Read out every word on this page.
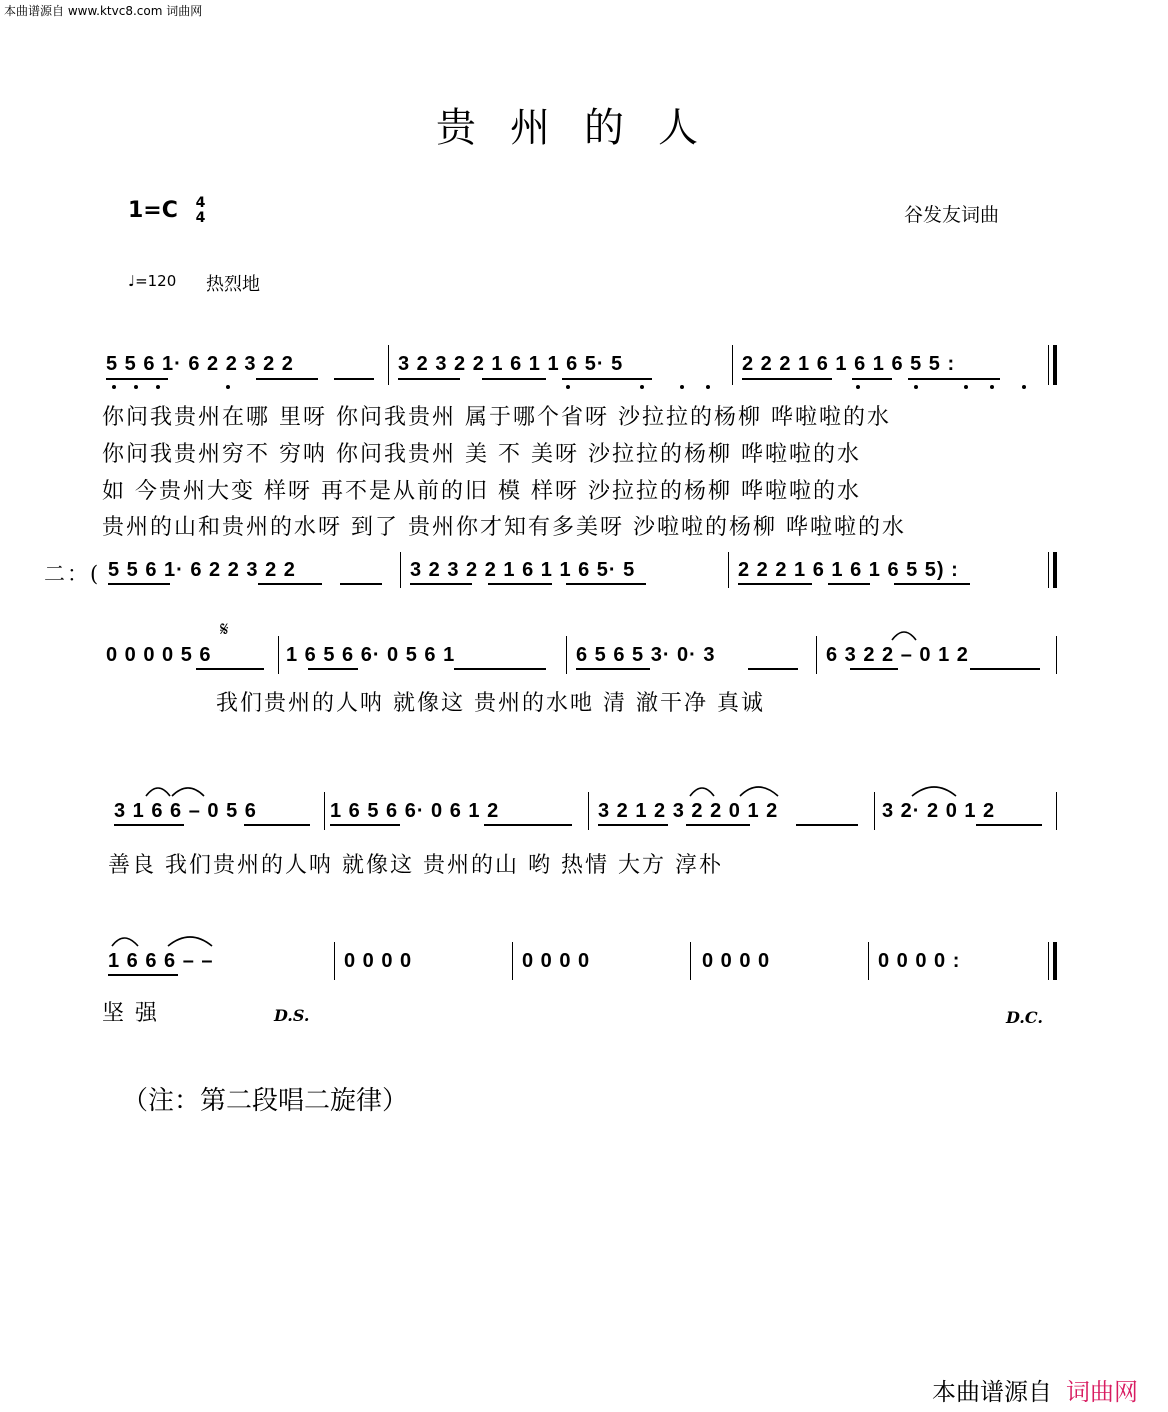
本曲谱源自 www.ktvc8.com 词曲网
贵州的人
1=C 4
4	谷发友词曲
♩=120 热烈地
5 5 6 1· 6 2 2 3 2 2	3 2 3 2 2 1 6 1 1 6 5· 5	2 2 2 1 6 1 6 1 6 5 5 :
你问我贵州在哪 里呀 你问我贵州 属于哪个省呀 沙拉拉的杨柳 哗啦啦的水
你问我贵州穷不 穷呐 你问我贵州 美 不 美呀 沙拉拉的杨柳 哗啦啦的水
如 今贵州大变 样呀 再不是从前的旧 模 样呀 沙拉拉的杨柳 哗啦啦的水
贵州的山和贵州的水呀 到了 贵州你才知有多美呀 沙啦啦的杨柳 哗啦啦的水
二：( 5 5 6 1· 6 2 2 3 2 2	3 2 3 2 2 1 6 1 1 6 5· 5	2 2 2 1 6 1 6 1 6 5 5) :
𝄋
0 0 0 0 5 6	1 6 5 6 6· 0 5 6 1	6 5 6 5 3· 0· 3	6 3 2 2 – 0 1 2
我们贵州的人呐 就像这 贵州的水吔 清 澈干净 真诚
3 1 6 6 – 0 5 6	1 6 5 6 6· 0 6 1 2	3 2 1 2 3 2 2 0 1 2	3 2· 2 0 1 2
善良 我们贵州的人呐 就像这 贵州的山 哟 热情 大方 淳朴
1 6 6 6 – –	0 0 0 0	0 0 0 0	0 0 0 0	0 0 0 0 :
坚 强	D.S.	D.C.
（注：第二段唱二旋律）
本曲谱源自 词曲网
